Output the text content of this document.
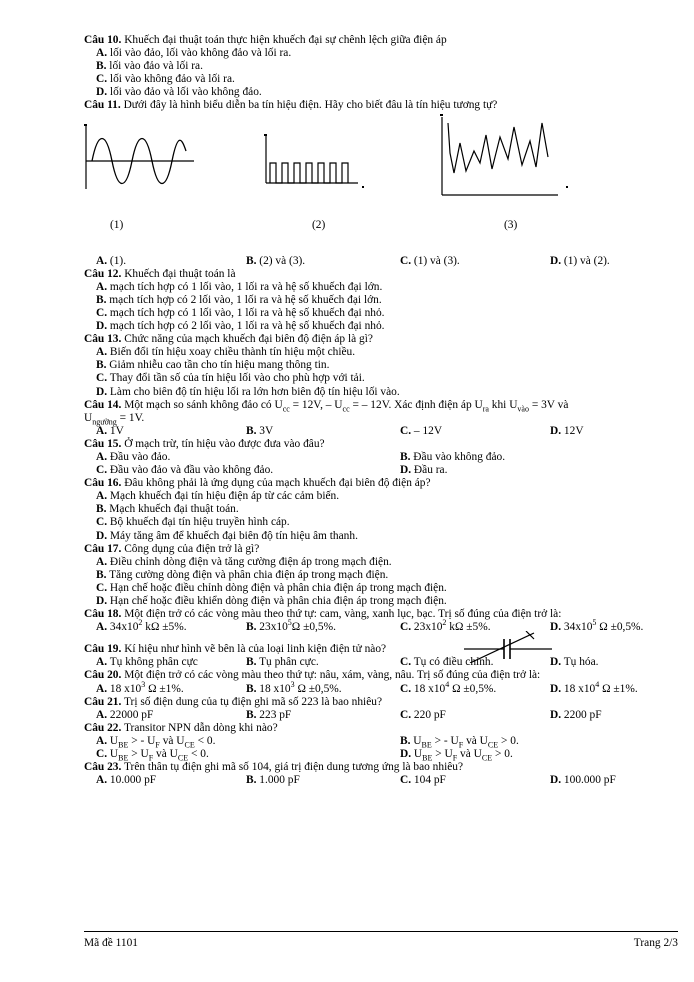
Câu 10. Khuếch đại thuật toán thực hiện khuếch đại sự chênh lệch giữa điện áp
A. lối vào đảo, lối vào không đảo và lối ra.
B. lối vào đảo và lối ra.
C. lối vào không đảo và lối ra.
D. lối vào đảo và lối vào không đảo.
Câu 11. Dưới đây là hình biểu diễn ba tín hiệu điện. Hãy cho biết đâu là tín hiệu tương tự?
(1)	(2)	(3)
A. (1).	B. (2) và (3).	C. (1) và (3).	D. (1) và (2).
Câu 12. Khuếch đại thuật toán là
A. mạch tích hợp có 1 lối vào, 1 lối ra và hệ số khuếch đại lớn.
B. mạch tích hợp có 2 lối vào, 1 lối ra và hệ số khuếch đại lớn.
C. mạch tích hợp có 1 lối vào, 1 lối ra và hệ số khuếch đại nhỏ.
D. mạch tích hợp có 2 lối vào, 1 lối ra và hệ số khuếch đại nhỏ.
Câu 13. Chức năng của mạch khuếch đại biên độ điện áp là gì?
A. Biến đổi tín hiệu xoay chiều thành tín hiệu một chiều.
B. Giảm nhiễu cao tần cho tín hiệu mang thông tin.
C. Thay đổi tần số của tín hiệu lối vào cho phù hợp với tải.
D. Làm cho biên độ tín hiệu lối ra lớn hơn biên độ tín hiệu lối vào.
Câu 14. Một mạch so sánh không đảo có $U_{cc} = 12V$, – $U_{cc}$ = – 12V. Xác định điện áp $U_{ra}$ khi $U_{vào} = 3V$ và
$U_{ngưỡng} = 1V$.
A. 1V	B. 3V	C. – 12V	D. 12V
Câu 15. Ở mạch trừ, tín hiệu vào được đưa vào đâu?
A. Đầu vào đảo.	B. Đầu vào không đảo.
C. Đầu vào đảo và đầu vào không đảo.	D. Đầu ra.
Câu 16. Đâu không phải là ứng dụng của mạch khuếch đại biên độ điện áp?
A. Mạch khuếch đại tín hiệu điện áp từ các cảm biến.
B. Mạch khuếch đại thuật toán.
C. Bộ khuếch đại tín hiệu truyền hình cáp.
D. Máy tăng âm để khuếch đại biên độ tín hiệu âm thanh.
Câu 17. Công dụng của điện trở là gì?
A. Điều chỉnh dòng điện và tăng cường điện áp trong mạch điện.
B. Tăng cường dòng điện và phân chia điện áp trong mạch điện.
C. Hạn chế hoặc điều chỉnh dòng điện và phân chia điện áp trong mạch điện.
D. Hạn chế hoặc điều khiển dòng điện và phân chia điện áp trong mạch điện.
Câu 18. Một điện trở có các vòng màu theo thứ tự: cam, vàng, xanh lục, bạc. Trị số đúng của điện trở là:
A. $34x10^2$ kΩ ±5%.	B. $23x10^5\Omega \pm 0,5\%$.	C. $23x10^2$ kΩ ±5%.	D. $34x10^5$ Ω ±0,5%.
Câu 19. Kí hiệu như hình vẽ bên là của loại linh kiện điện tử nào?
A. Tụ không phân cực	B. Tụ phân cực.	C. Tụ có điều chỉnh.	D. Tụ hóa.
Câu 20. Một điện trở có các vòng màu theo thứ tự: nâu, xám, vàng, nâu. Trị số đúng của điện trở là:
A. 18 $x10^3$ Ω ±1%.	B. 18 $x10^3$ Ω ±0,5%.	C. 18 $x10^4$ Ω ±0,5%.	D. 18 $x10^4$ Ω ±1%.
Câu 21. Trị số điện dung của tụ điện ghi mã số 223 là bao nhiêu?
A. 22000 pF	B. 223 pF	C. 220 pF	D. 2200 pF
Câu 22. Transitor NPN dẫn dòng khi nào?
A. $U_{BE}$ > - $U_F$ và $U_{CE} < 0$.	B. $U_{BE}$ > - $U_F$ và $U_{CE} > 0$.
C. $U_{BE} > U_F$ và $U_{CE} < 0$.	D. $U_{BE} > U_F$ và $U_{CE} > 0$.
Câu 23. Trên thân tụ điện ghi mã số 104, giá trị điện dung tương ứng là bao nhiêu?
A. 10.000 pF	B. 1.000 pF	C. 104 pF	D. 100.000 pF
Mã đề 1101	Trang 2/3
